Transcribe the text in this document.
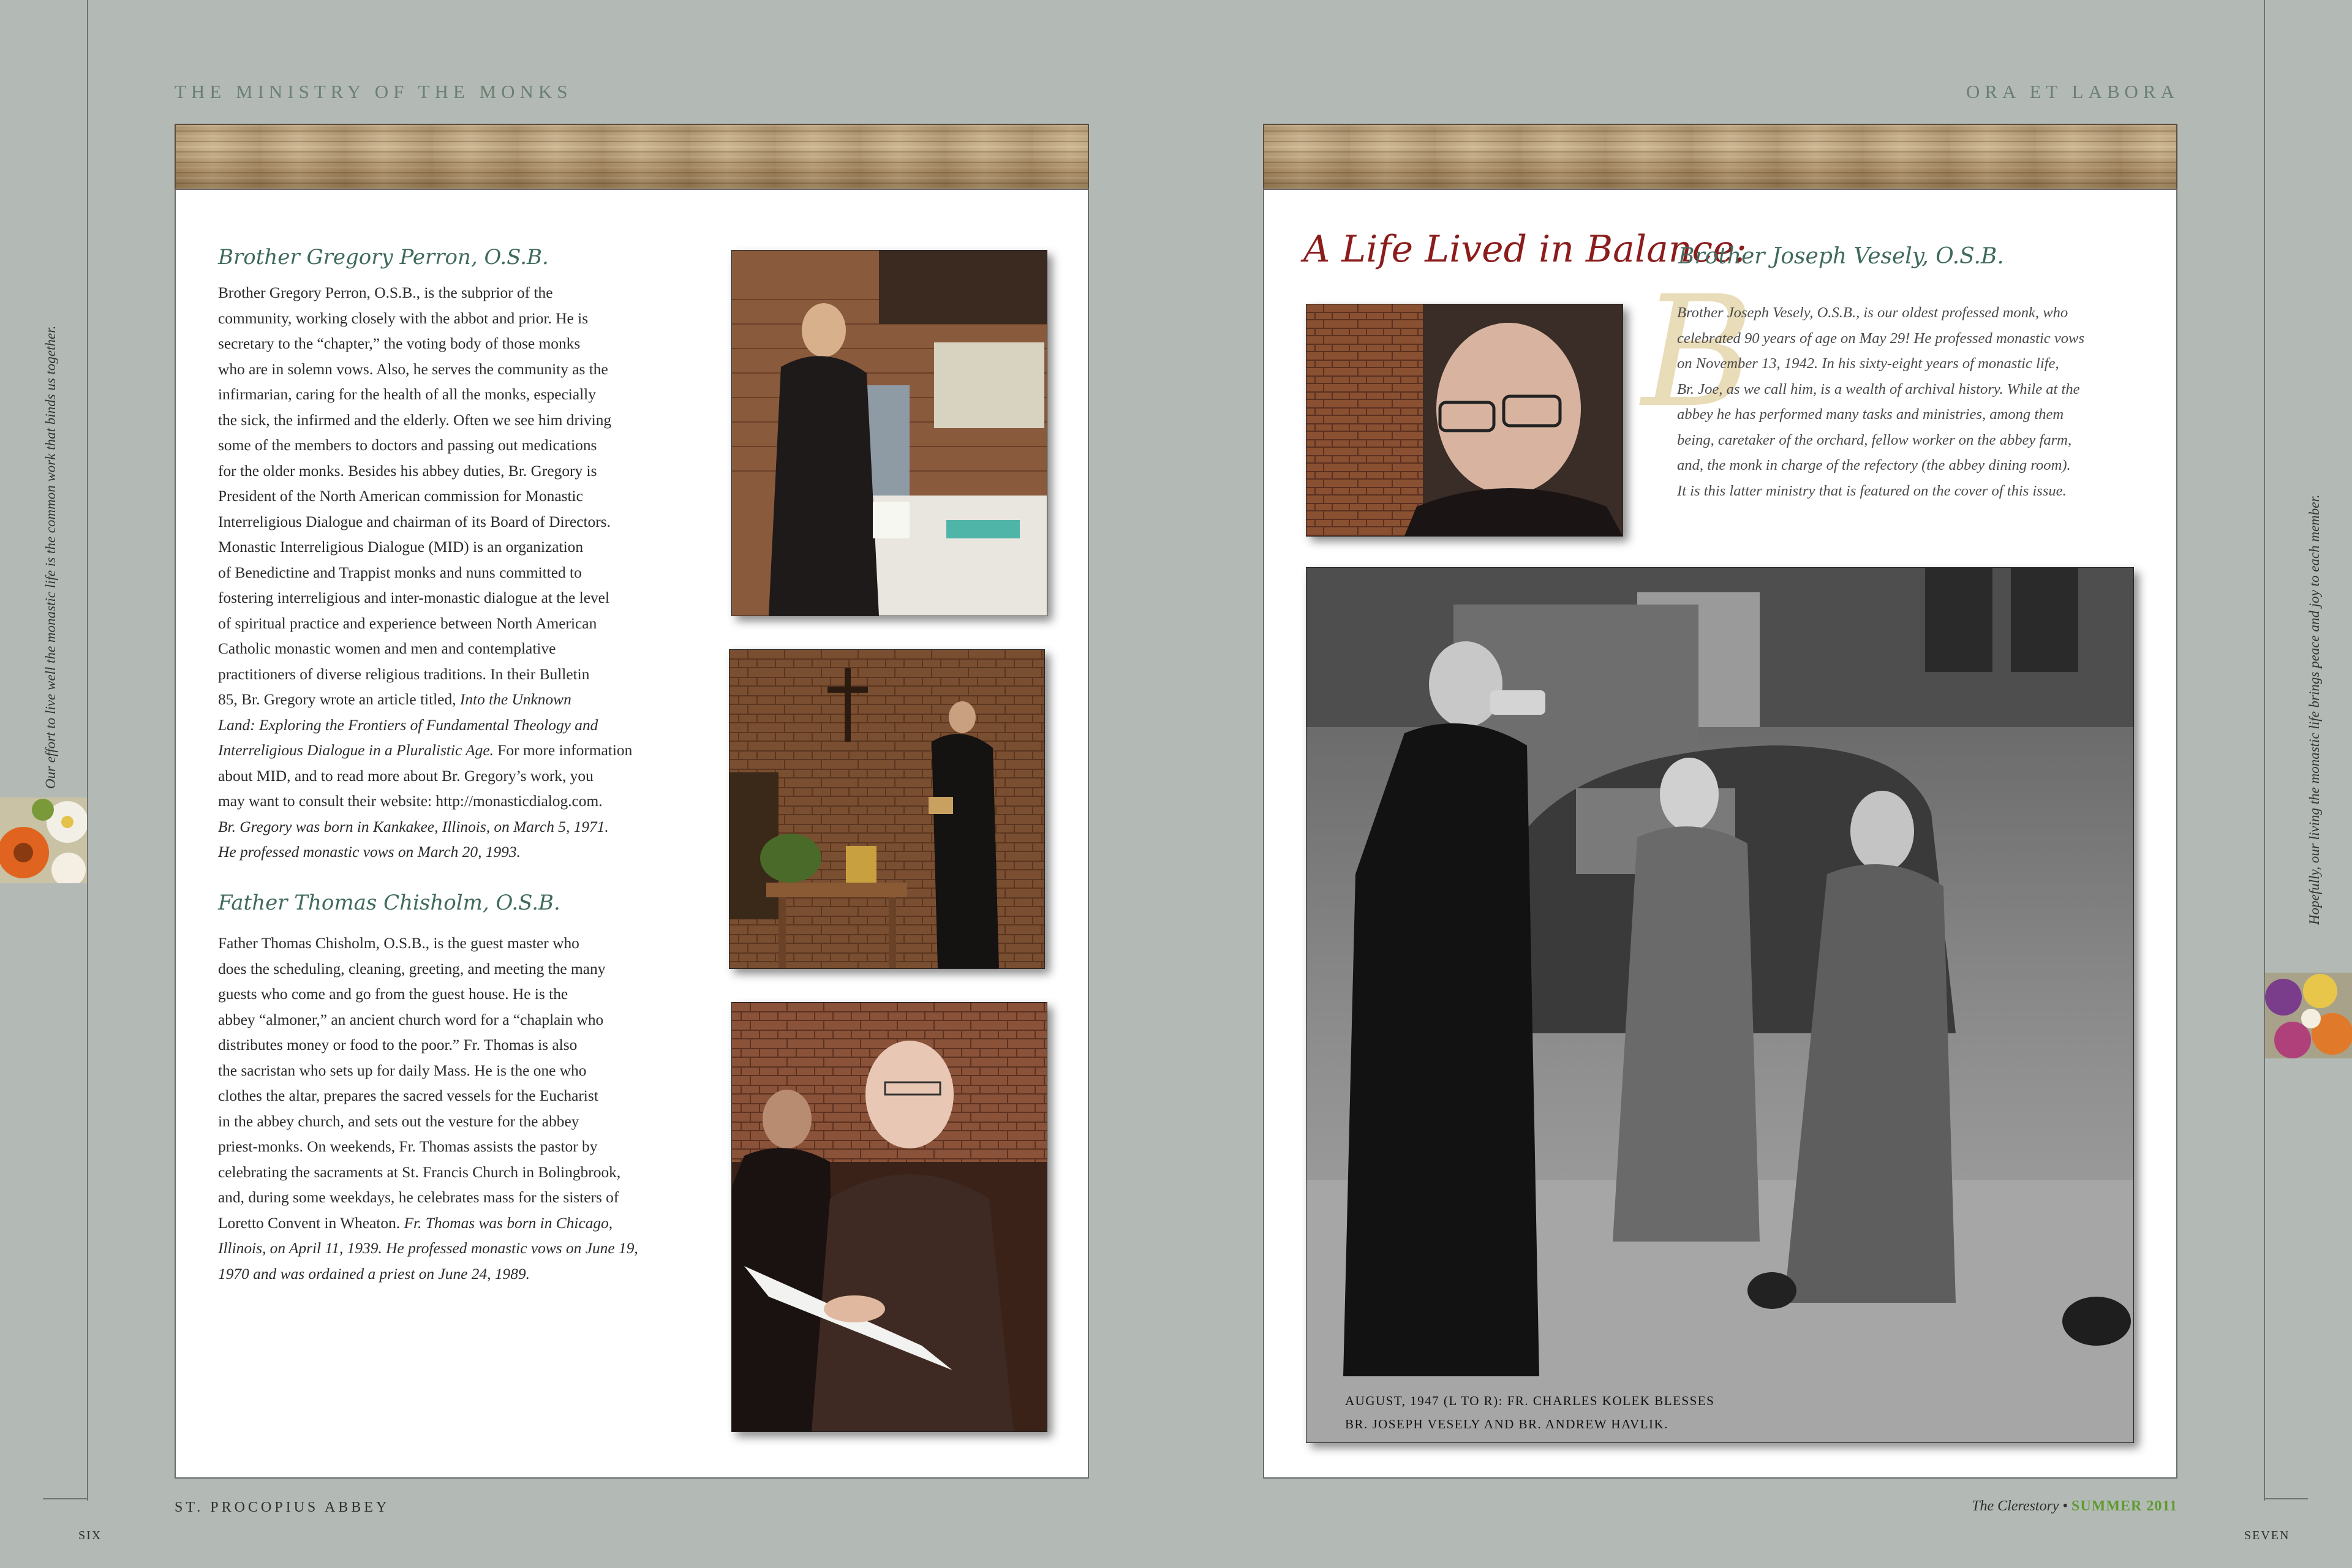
THE MINISTRY OF THE MONKS	ORA ET LABORA
Our effort to live well the monastic life is the common work that binds us together.	Hopefully, our living the monastic life brings peace and joy to each member.
Brother Gregory Perron, O.S.B.

Brother Gregory Perron, O.S.B., is the subprior of the

community, working closely with the abbot and prior. He is

secretary to the “chapter,” the voting body of those monks

who are in solemn vows. Also, he serves the community as the

infirmarian, caring for the health of all the monks, especially

the sick, the infirmed and the elderly. Often we see him driving

some of the members to doctors and passing out medications

for the older monks. Besides his abbey duties, Br. Gregory is

President of the North American commission for Monastic

Interreligious Dialogue and chairman of its Board of Directors.

Monastic Interreligious Dialogue (MID) is an organization

of Benedictine and Trappist monks and nuns committed to

fostering interreligious and inter-monastic dialogue at the level

of spiritual practice and experience between North American

Catholic monastic women and men and contemplative

practitioners of diverse religious traditions. In their Bulletin

85, Br. Gregory wrote an article titled, Into the Unknown

Land: Exploring the Frontiers of Fundamental Theology and

Interreligious Dialogue in a Pluralistic Age. For more information

about MID, and to read more about Br. Gregory’s work, you

may want to consult their website: http://monasticdialog.com.

Br. Gregory was born in Kankakee, Illinois, on March 5, 1971.

He professed monastic vows on March 20, 1993.

Father Thomas Chisholm, O.S.B.

Father Thomas Chisholm, O.S.B., is the guest master who

does the scheduling, cleaning, greeting, and meeting the many

guests who come and go from the guest house. He is the

abbey “almoner,” an ancient church word for a “chaplain who

distributes money or food to the poor.” Fr. Thomas is also

the sacristan who sets up for daily Mass. He is the one who

clothes the altar, prepares the sacred vessels for the Eucharist

in the abbey church, and sets out the vesture for the abbey

priest-monks. On weekends, Fr. Thomas assists the pastor by

celebrating the sacraments at St. Francis Church in Bolingbrook,

and, during some weekdays, he celebrates mass for the sisters of

Loretto Convent in Wheaton. Fr. Thomas was born in Chicago,

Illinois, on April 11, 1939. He professed monastic vows on June 19,

1970 and was ordained a priest on June 24, 1989.

ST. PROCOPIUS ABBEY
SIX
A Life Lived in Balance:
Brother Joseph Vesely, O.S.B.
B

Brother Joseph Vesely, O.S.B., is our oldest professed monk, who

celebrated 90 years of age on May 29! He professed monastic vows

on November 13, 1942. In his sixty-eight years of monastic life,

Br. Joe, as we call him, is a wealth of archival history. While at the

abbey he has performed many tasks and ministries, among them

being, caretaker of the orchard, fellow worker on the abbey farm,

and, the monk in charge of the refectory (the abbey dining room).

It is this latter ministry that is featured on the cover of this issue.

AUGUST, 1947 (L TO R): FR. CHARLES KOLEK BLESSES
BR. JOSEPH VESELY AND BR. ANDREW HAVLIK.
The Clerestory • SUMMER 2011
SEVEN
